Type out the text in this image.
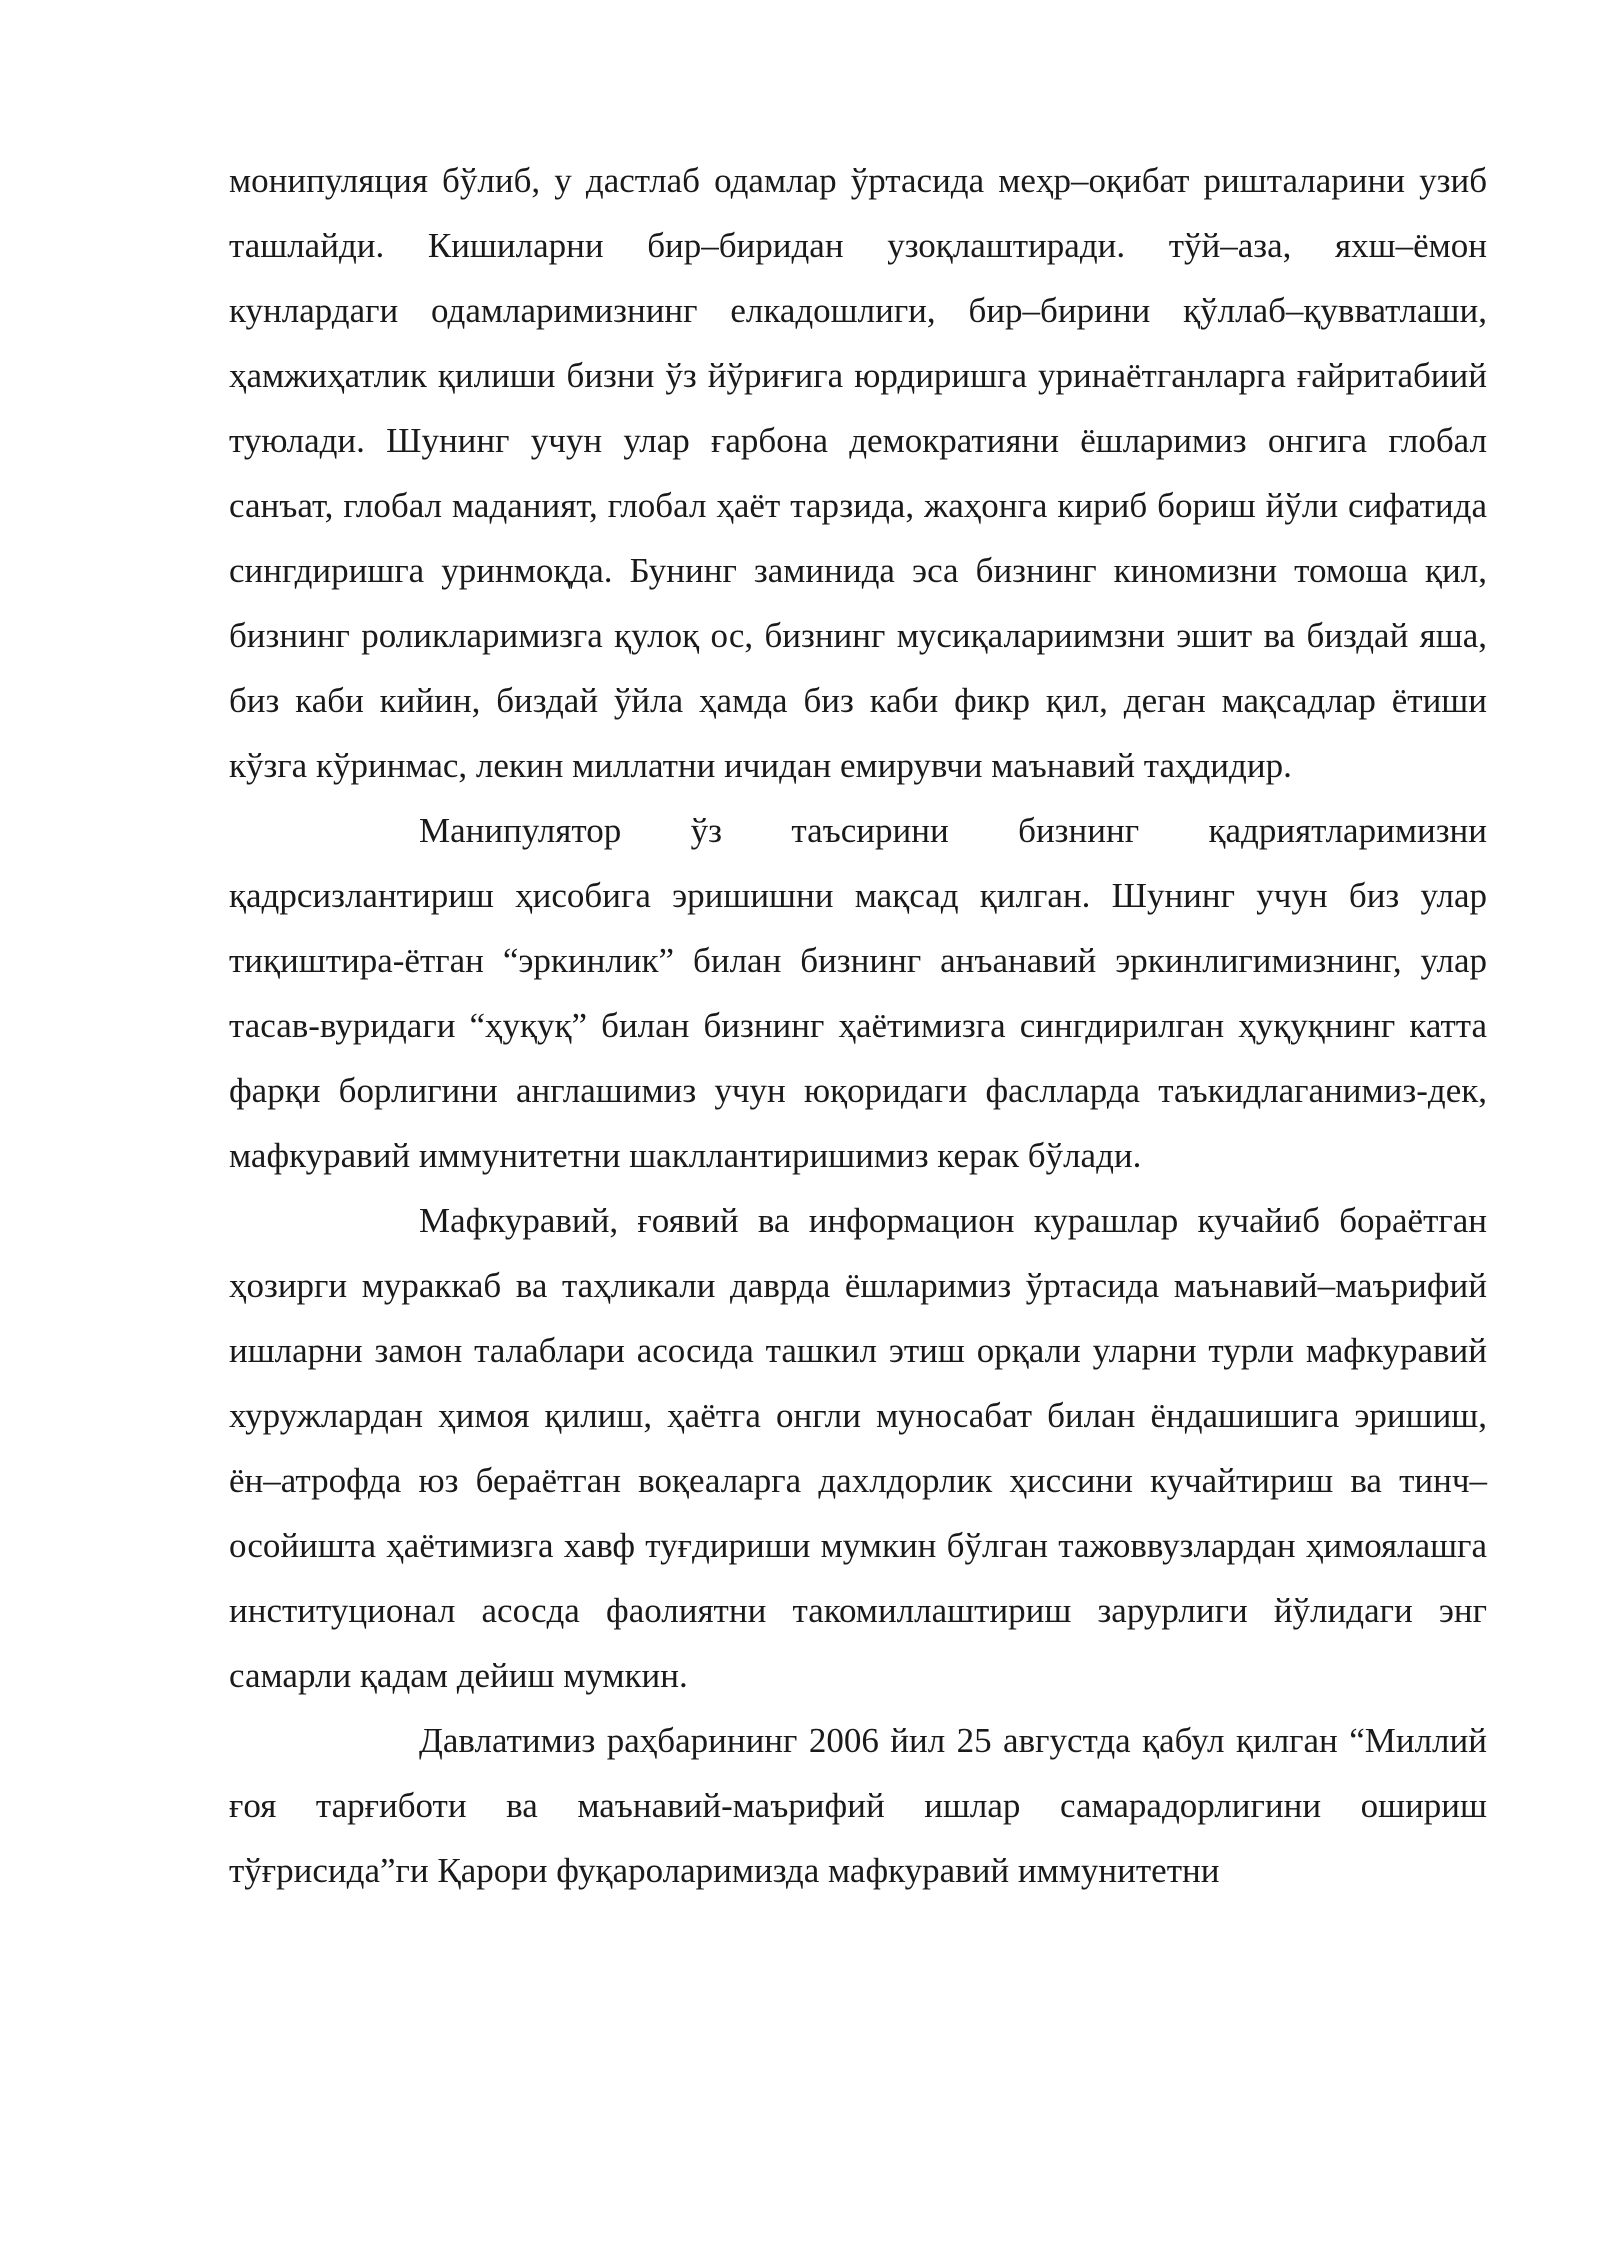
монипуляция бўлиб, у дастлаб одамлар ўртасида меҳр–оқибат ришталарини узиб ташлайди. Кишиларни бир–биридан узоқлаштиради. тўй–аза, яхш–ёмон кунлардаги одамларимизнинг елкадошлиги, бир–бирини қўллаб–қувватлаши, ҳамжиҳатлик қилиши бизни ўз йўриғига юрдиришга уринаётганларга ғайритабиий туюлади. Шунинг учун улар ғарбона демократияни ёшларимиз онгига глобал санъат, глобал маданият, глобал ҳаёт тарзида, жаҳонга кириб бориш йўли сифатида сингдиришга уринмоқда. Бунинг заминида эса бизнинг киномизни томоша қил, бизнинг роликларимизга қулоқ ос, бизнинг мусиқалариимзни эшит ва биздай яша, биз каби кийин, биздай ўйла ҳамда биз каби фикр қил, деган мақсадлар ётиши кўзга кўринмас, лекин миллатни ичидан емирувчи маънавий таҳдидир.

Манипулятор ўз таъсирини бизнинг қадриятларимизни қадрсизлантириш ҳисобига эришишни мақсад қилган. Шунинг учун биз улар тиқиштира-ётган “эркинлик” билан бизнинг анъанавий эркинлигимизнинг, улар тасав-вуридаги “ҳуқуқ” билан бизнинг ҳаётимизга сингдирилган ҳуқуқнинг катта фарқи борлигини англашимиз учун юқоридаги фаслларда таъкидлаганимиз-дек, мафкуравий иммунитетни шакллантиришимиз керак бўлади.

Мафкуравий, ғоявий ва информацион курашлар кучайиб бораётган ҳозирги мураккаб ва таҳликали даврда ёшларимиз ўртасида маънавий–маърифий ишларни замон талаблари асосида ташкил этиш орқали уларни турли мафкуравий хуружлардан ҳимоя қилиш, ҳаётга онгли муносабат билан ёндашишига эришиш, ён–атрофда юз бераётган воқеаларга дахлдорлик ҳиссини кучайтириш ва тинч–осойишта ҳаётимизга хавф туғдириши мумкин бўлган тажоввузлардан ҳимоялашга институционал асосда фаолиятни такомиллаштириш зарурлиги йўлидаги энг самарли қадам дейиш мумкин.

Давлатимиз раҳбарининг 2006 йил 25 августда қабул қилган “Миллий ғоя тарғиботи ва маънавий-маърифий ишлар самарадорлигини ошириш тўғрисида”ги Қарори фуқароларимизда мафкуравий иммунитетни
